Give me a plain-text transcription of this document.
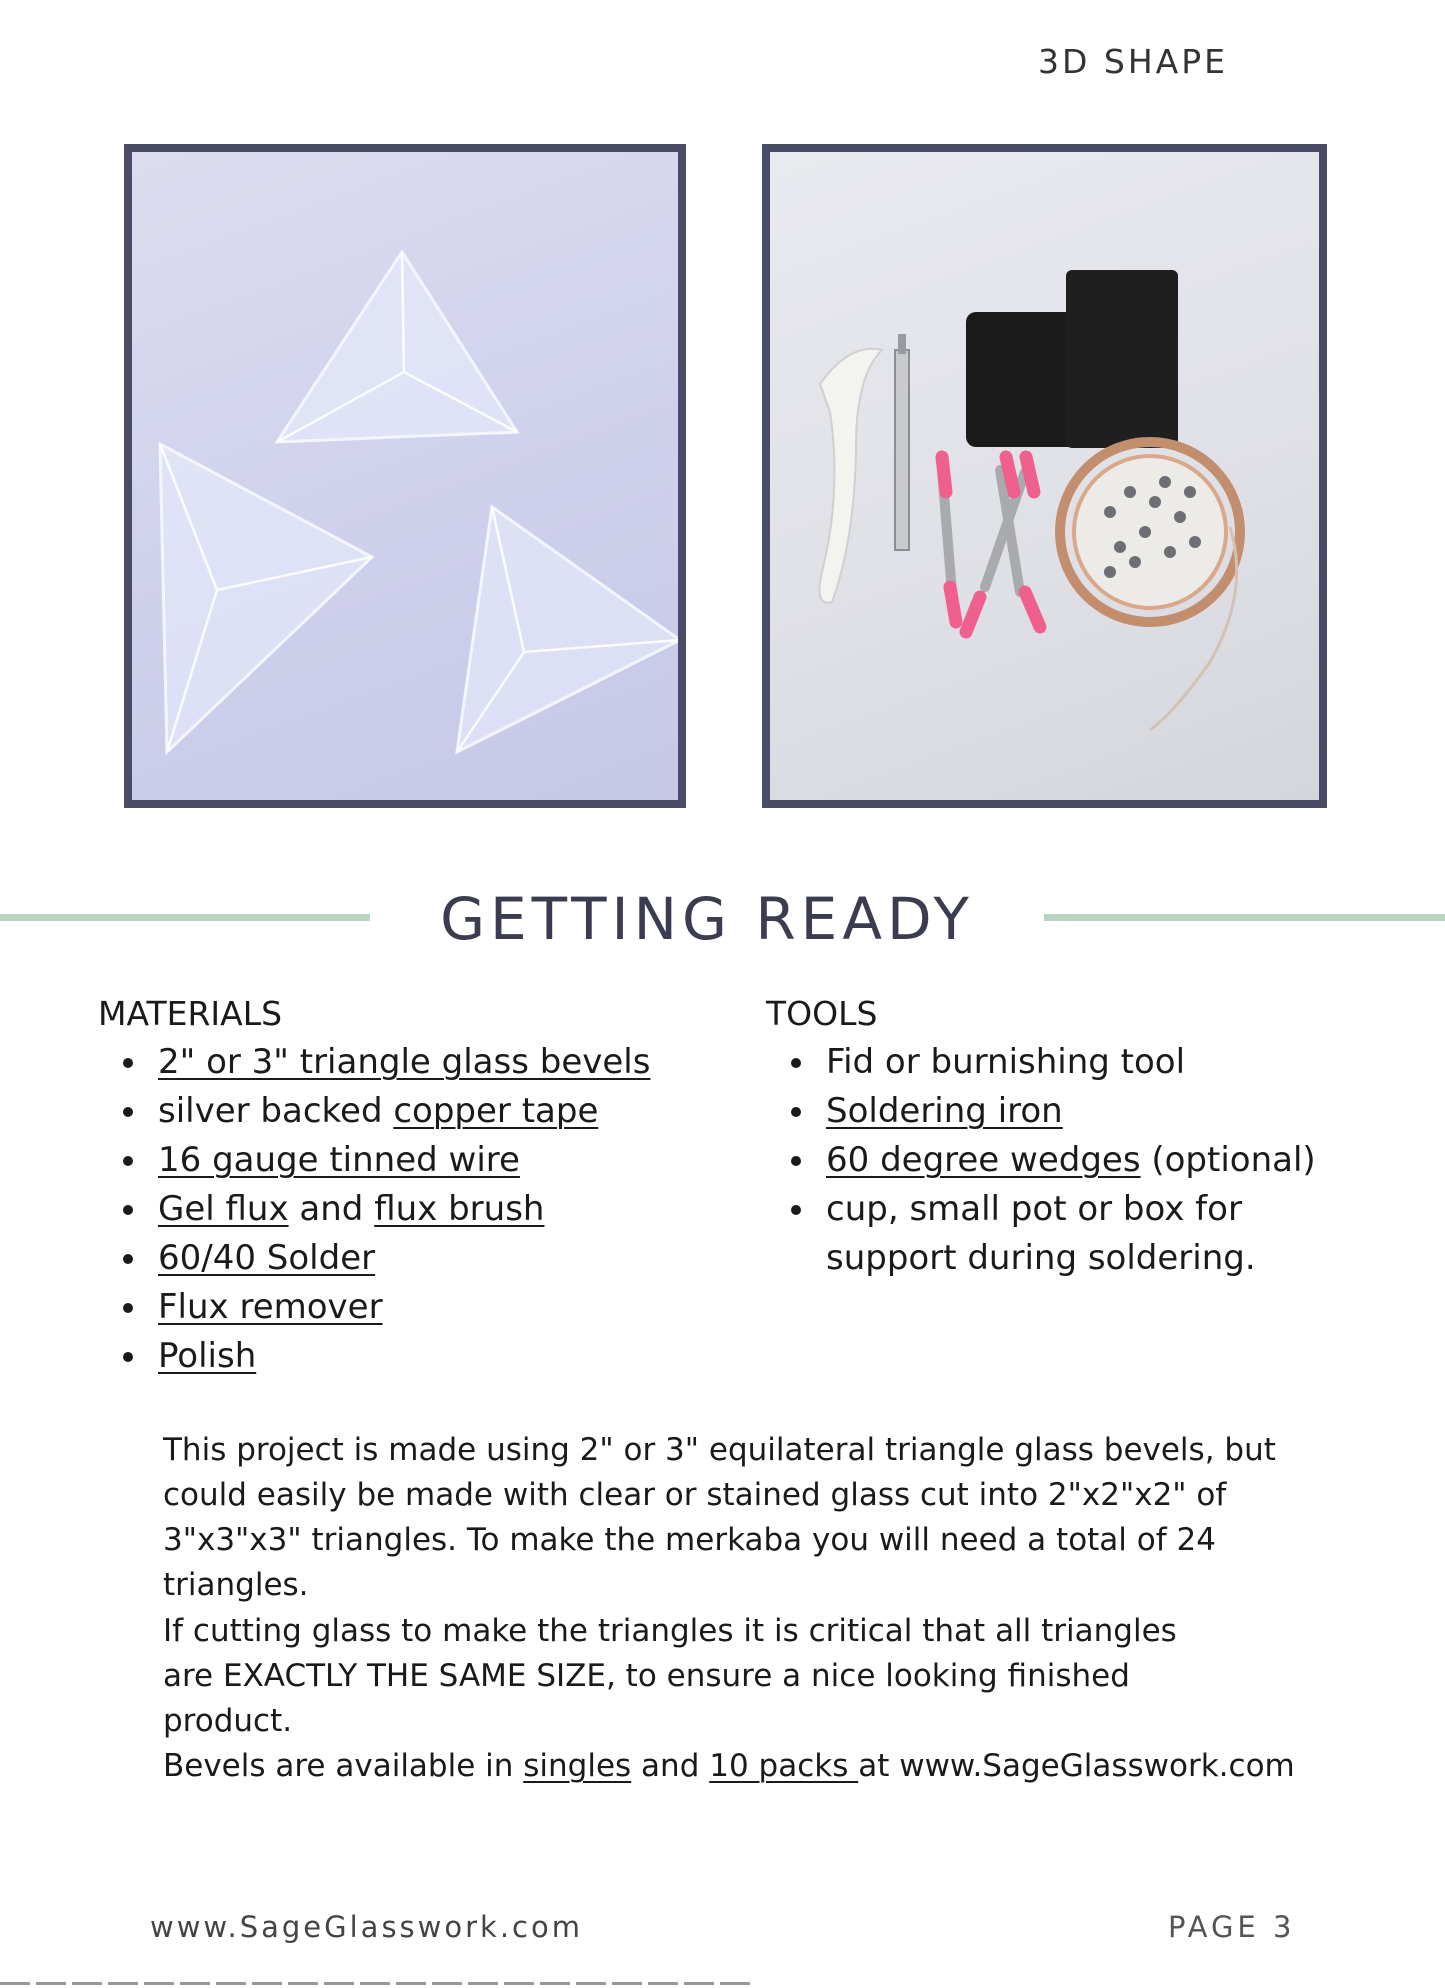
3D SHAPE
GETTING READY
MATERIALS
2" or 3" triangle glass bevels
silver backed copper tape
16 gauge tinned wire
Gel flux and flux brush
60/40 Solder
Flux remover
Polish
TOOLS
Fid or burnishing tool
Soldering iron
60 degree wedges (optional)
cup, small pot or box for support during soldering.

This project is made using 2" or 3" equilateral triangle glass bevels, but could easily be made with clear or stained glass cut into 2"x2"x2" of 3"x3"x3" triangles. To make the merkaba you will need a total of 24 triangles.

If cutting glass to make the triangles it is critical that all triangles are EXACTLY THE SAME SIZE, to ensure a nice looking finished product.

Bevels are available in singles and 10 packs at www.SageGlasswork.com

www.SageGlasswork.com	PAGE 3
